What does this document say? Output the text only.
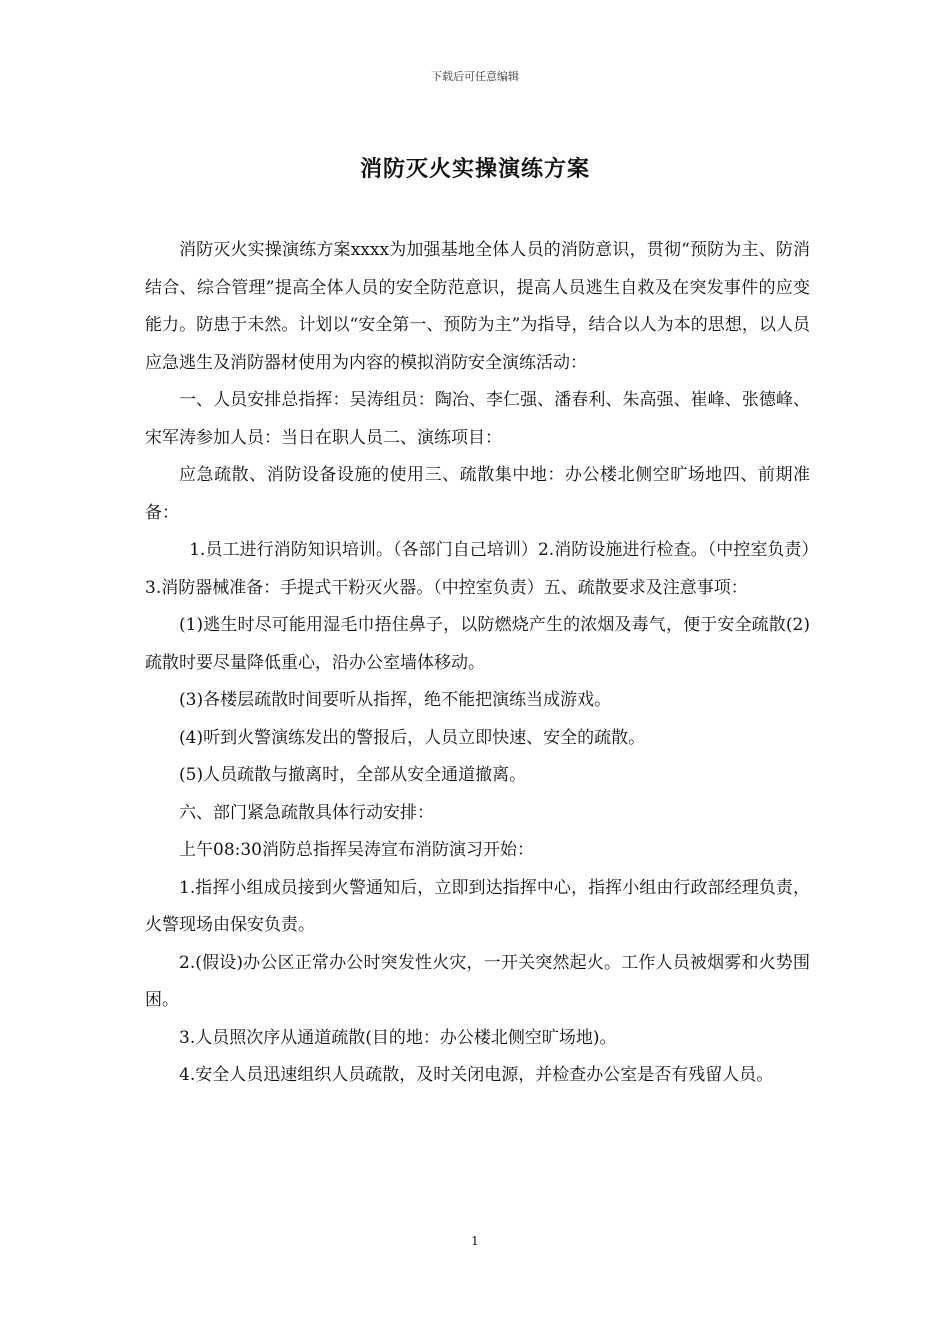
下载后可任意编辑
消防灭火实操演练方案

消防灭火实操演练方案xxxx为加强基地全体人员的消防意识，贯彻“预防为主、防消结合、综合管理”提高全体人员的安全防范意识，提高人员逃生自救及在突发事件的应变能力。防患于未然。计划以“安全第一、预防为主”为指导，结合以人为本的思想，以人员应急逃生及消防器材使用为内容的模拟消防安全演练活动：

一、人员安排总指挥：吴涛组员：陶冶、李仁强、潘春利、朱高强、崔峰、张德峰、宋军涛参加人员：当日在职人员二、演练项目：

应急疏散、消防设备设施的使用三、疏散集中地：办公楼北侧空旷场地四、前期准备：

1.员工进行消防知识培训。（各部门自己培训）2.消防设施进行检查。（中控室负责）3.消防器械准备：手提式干粉灭火器。（中控室负责）五、疏散要求及注意事项：

(1)逃生时尽可能用湿毛巾捂住鼻子，以防燃烧产生的浓烟及毒气，便于安全疏散(2)疏散时要尽量降低重心，沿办公室墙体移动。

(3)各楼层疏散时间要听从指挥，绝不能把演练当成游戏。

(4)听到火警演练发出的警报后，人员立即快速、安全的疏散。

(5)人员疏散与撤离时，全部从安全通道撤离。

六、部门紧急疏散具体行动安排：

上午08:30消防总指挥吴涛宣布消防演习开始：

1.指挥小组成员接到火警通知后，立即到达指挥中心，指挥小组由行政部经理负责，火警现场由保安负责。

2.(假设)办公区正常办公时突发性火灾，一开关突然起火。工作人员被烟雾和火势围困。

3.人员照次序从通道疏散(目的地：办公楼北侧空旷场地)。

4.安全人员迅速组织人员疏散，及时关闭电源，并检查办公室是否有残留人员。

1
